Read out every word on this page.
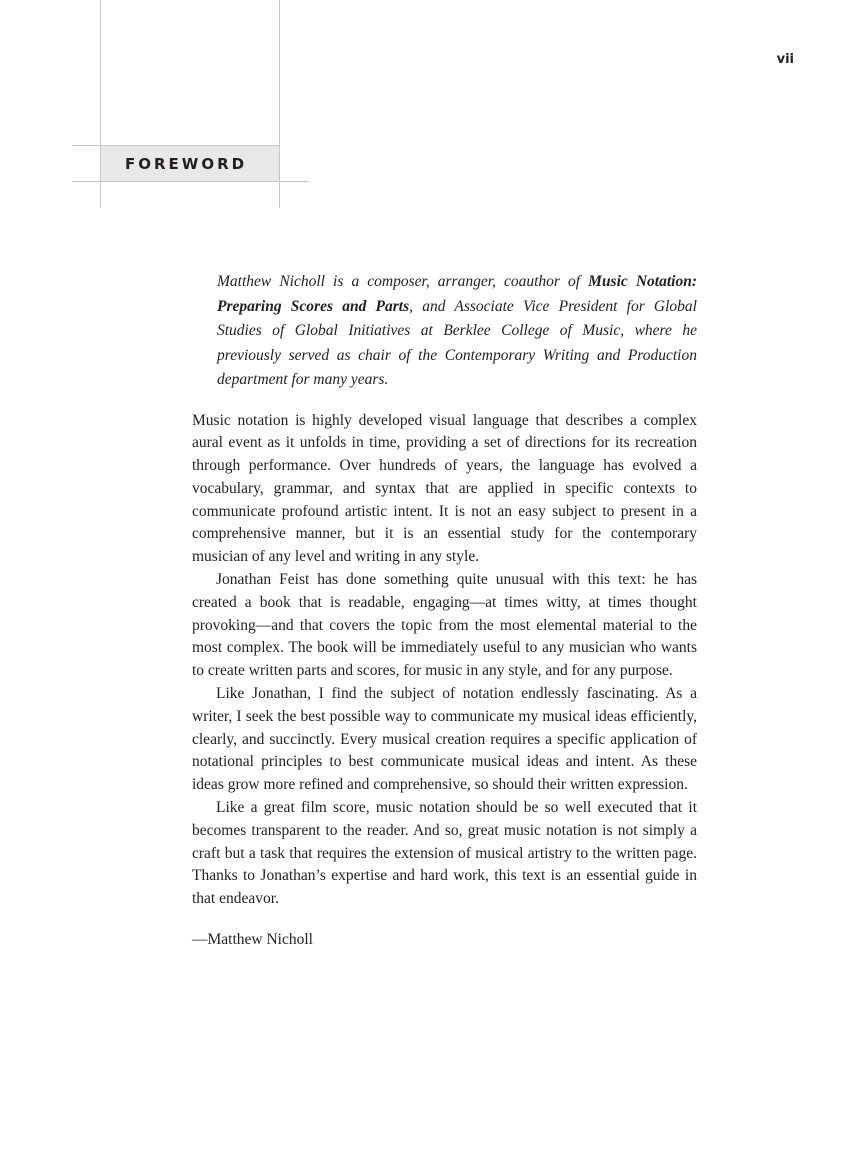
vii
FOREWORD

Matthew Nicholl is a composer, arranger, coauthor of Music Notation: Preparing Scores and Parts, and Associate Vice President for Global Studies of Global Initiatives at Berklee College of Music, where he previously served as chair of the Contemporary Writing and Production department for many years.

Music notation is highly developed visual language that describes a complex aural event as it unfolds in time, providing a set of directions for its recreation through performance. Over hundreds of years, the language has evolved a vocabulary, grammar, and syntax that are applied in specific contexts to communicate profound artistic intent. It is not an easy subject to present in a comprehensive manner, but it is an essential study for the contemporary musician of any level and writing in any style.

Jonathan Feist has done something quite unusual with this text: he has created a book that is readable, engaging—at times witty, at times thought provoking—and that covers the topic from the most elemental material to the most complex. The book will be immediately useful to any musician who wants to create written parts and scores, for music in any style, and for any purpose.

Like Jonathan, I find the subject of notation endlessly fascinating. As a writer, I seek the best possible way to communicate my musical ideas efficiently, clearly, and succinctly. Every musical creation requires a specific application of notational principles to best communicate musical ideas and intent. As these ideas grow more refined and comprehensive, so should their written expression.

Like a great film score, music notation should be so well executed that it becomes transparent to the reader. And so, great music notation is not simply a craft but a task that requires the extension of musical artistry to the written page. Thanks to Jonathan’s expertise and hard work, this text is an essential guide in that endeavor.

—Matthew Nicholl
